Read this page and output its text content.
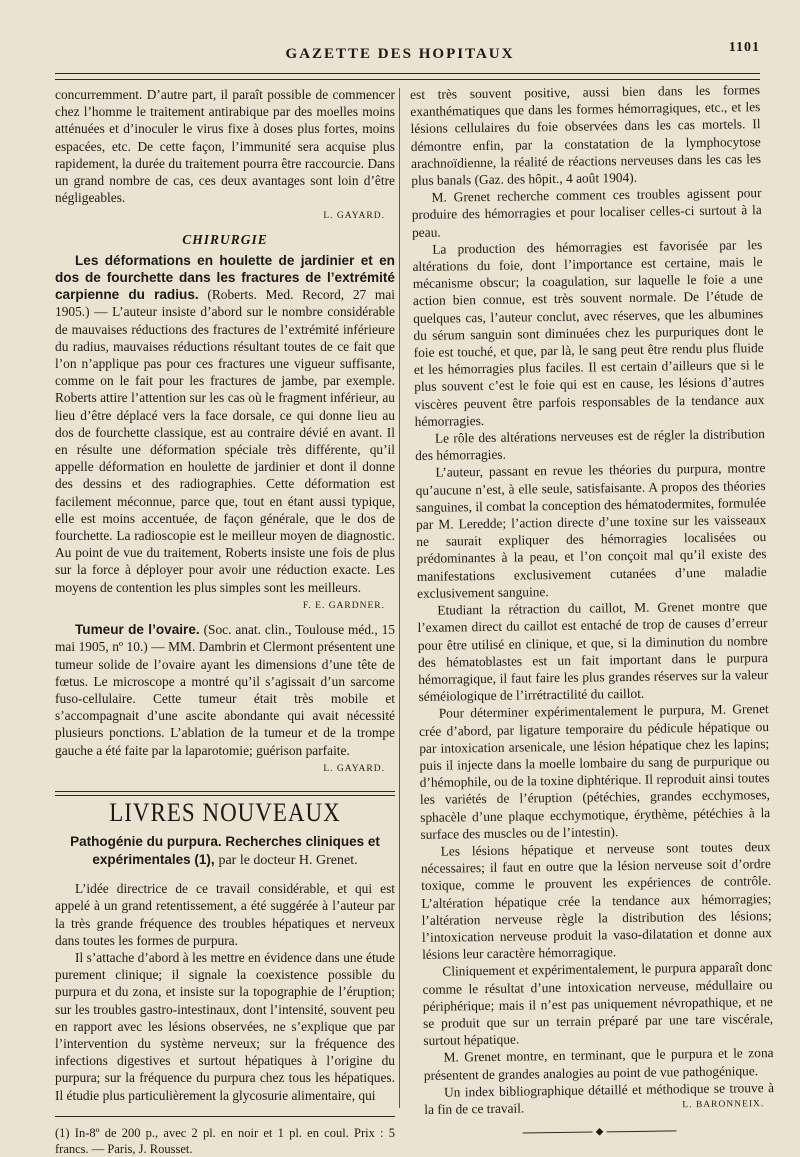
GAZETTE DES HOPITAUX	1101

concurremment. D’autre part, il paraît possible de commencer chez l’homme le traitement antirabique par des moelles moins atténuées et d’inoculer le virus fixe à doses plus fortes, moins espacées, etc. De cette façon, l’immunité sera acquise plus rapidement, la durée du traitement pourra être raccourcie. Dans un grand nombre de cas, ces deux avantages sont loin d’être négligeables.

L. GAYARD.
CHIRURGIE

Les déformations en houlette de jardinier et en dos de fourchette dans les fractures de l’extrémité carpienne du radius. (Roberts. Med. Record, 27 mai 1905.) — L’auteur insiste d’abord sur le nombre considérable de mauvaises réductions des fractures de l’extrémité inférieure du radius, mauvaises réductions résultant toutes de ce fait que l’on n’applique pas pour ces fractures une vigueur suffisante, comme on le fait pour les fractures de jambe, par exemple. Roberts attire l’attention sur les cas où le fragment inférieur, au lieu d’être déplacé vers la face dorsale, ce qui donne lieu au dos de fourchette classique, est au contraire dévié en avant. Il en résulte une déformation spéciale très différente, qu’il appelle déformation en houlette de jardinier et dont il donne des dessins et des radiographies. Cette déformation est facilement méconnue, parce que, tout en étant aussi typique, elle est moins accentuée, de façon générale, que le dos de fourchette. La radioscopie est le meilleur moyen de diagnostic. Au point de vue du traitement, Roberts insiste une fois de plus sur la force à déployer pour avoir une réduction exacte. Les moyens de contention les plus simples sont les meilleurs.

F. E. GARDNER.

Tumeur de l’ovaire. (Soc. anat. clin., Toulouse méd., 15 mai 1905, nº 10.) — MM. Dambrin et Clermont présentent une tumeur solide de l’ovaire ayant les dimensions d’une tête de fœtus. Le microscope a montré qu’il s’agissait d’un sarcome fuso-cellulaire. Cette tumeur était très mobile et s’accompagnait d’une ascite abondante qui avait nécessité plusieurs ponctions. L’ablation de la tumeur et de la trompe gauche a été faite par la laparotomie; guérison parfaite.

L. GAYARD.
LIVRES NOUVEAUX
Pathogénie du purpura. Recherches cliniques et expérimentales (1), par le docteur H. Grenet.

L’idée directrice de ce travail considérable, et qui est appelé à un grand retentissement, a été suggérée à l’auteur par la très grande fréquence des troubles hépatiques et nerveux dans toutes les formes de purpura.

Il s’attache d’abord à les mettre en évidence dans une étude purement clinique; il signale la coexistence possible du purpura et du zona, et insiste sur la topographie de l’éruption; sur les troubles gastro-intestinaux, dont l’intensité, souvent peu en rapport avec les lésions observées, ne s’explique que par l’intervention du système nerveux; sur la fréquence des infections digestives et surtout hépatiques à l’origine du purpura; sur la fréquence du purpura chez tous les hépatiques. Il étudie plus particulièrement la glycosurie alimentaire, qui

(1) In-8º de 200 p., avec 2 pl. en noir et 1 pl. en coul. Prix : 5 francs. — Paris, J. Rousset.

est très souvent positive, aussi bien dans les formes exanthématiques que dans les formes hémorragiques, etc., et les lésions cellulaires du foie observées dans les cas mortels. Il démontre enfin, par la constatation de la lymphocytose arachnoïdienne, la réalité de réactions nerveuses dans les cas les plus banals (Gaz. des hôpit., 4 août 1904).

M. Grenet recherche comment ces troubles agissent pour produire des hémorragies et pour localiser celles-ci surtout à la peau.

La production des hémorragies est favorisée par les altérations du foie, dont l’importance est certaine, mais le mécanisme obscur; la coagulation, sur laquelle le foie a une action bien connue, est très souvent normale. De l’étude de quelques cas, l’auteur conclut, avec réserves, que les albumines du sérum sanguin sont diminuées chez les purpuriques dont le foie est touché, et que, par là, le sang peut être rendu plus fluide et les hémorragies plus faciles. Il est certain d’ailleurs que si le plus souvent c’est le foie qui est en cause, les lésions d’autres viscères peuvent être parfois responsables de la tendance aux hémorragies.

Le rôle des altérations nerveuses est de régler la distribution des hémorragies.

L’auteur, passant en revue les théories du purpura, montre qu’aucune n’est, à elle seule, satisfaisante. A propos des théories sanguines, il combat la conception des hématodermites, formulée par M. Leredde; l’action directe d’une toxine sur les vaisseaux ne saurait expliquer des hémorragies localisées ou prédominantes à la peau, et l’on conçoit mal qu’il existe des manifestations exclusivement cutanées d’une maladie exclusivement sanguine.

Etudiant la rétraction du caillot, M. Grenet montre que l’examen direct du caillot est entaché de trop de causes d’erreur pour être utilisé en clinique, et que, si la diminution du nombre des hématoblastes est un fait important dans le purpura hémorragique, il faut faire les plus grandes réserves sur la valeur séméiologique de l’irrétractilité du caillot.

Pour déterminer expérimentalement le purpura, M. Grenet crée d’abord, par ligature temporaire du pédicule hépatique ou par intoxication arsenicale, une lésion hépatique chez les lapins; puis il injecte dans la moelle lombaire du sang de purpurique ou d’hémophile, ou de la toxine diphtérique. Il reproduit ainsi toutes les variétés de l’éruption (pétéchies, grandes ecchymoses, sphacèle d’une plaque ecchymotique, érythème, pétéchies à la surface des muscles ou de l’intestin).

Les lésions hépatique et nerveuse sont toutes deux nécessaires; il faut en outre que la lésion nerveuse soit d’ordre toxique, comme le prouvent les expériences de contrôle. L’altération hépatique crée la tendance aux hémorragies; l’altération nerveuse règle la distribution des lésions; l’intoxication nerveuse produit la vaso-dilatation et donne aux lésions leur caractère hémorragique.

Cliniquement et expérimentalement, le purpura apparaît donc comme le résultat d’une intoxication nerveuse, médullaire ou périphérique; mais il n’est pas uniquement névropathique, et ne se produit que sur un terrain préparé par une tare viscérale, surtout hépatique.

M. Grenet montre, en terminant, que le purpura et le zona présentent de grandes analogies au point de vue pathogénique.

Un index bibliographique détaillé et méthodique se trouve à la fin de ce travail.	L. BARONNEIX.

◆
